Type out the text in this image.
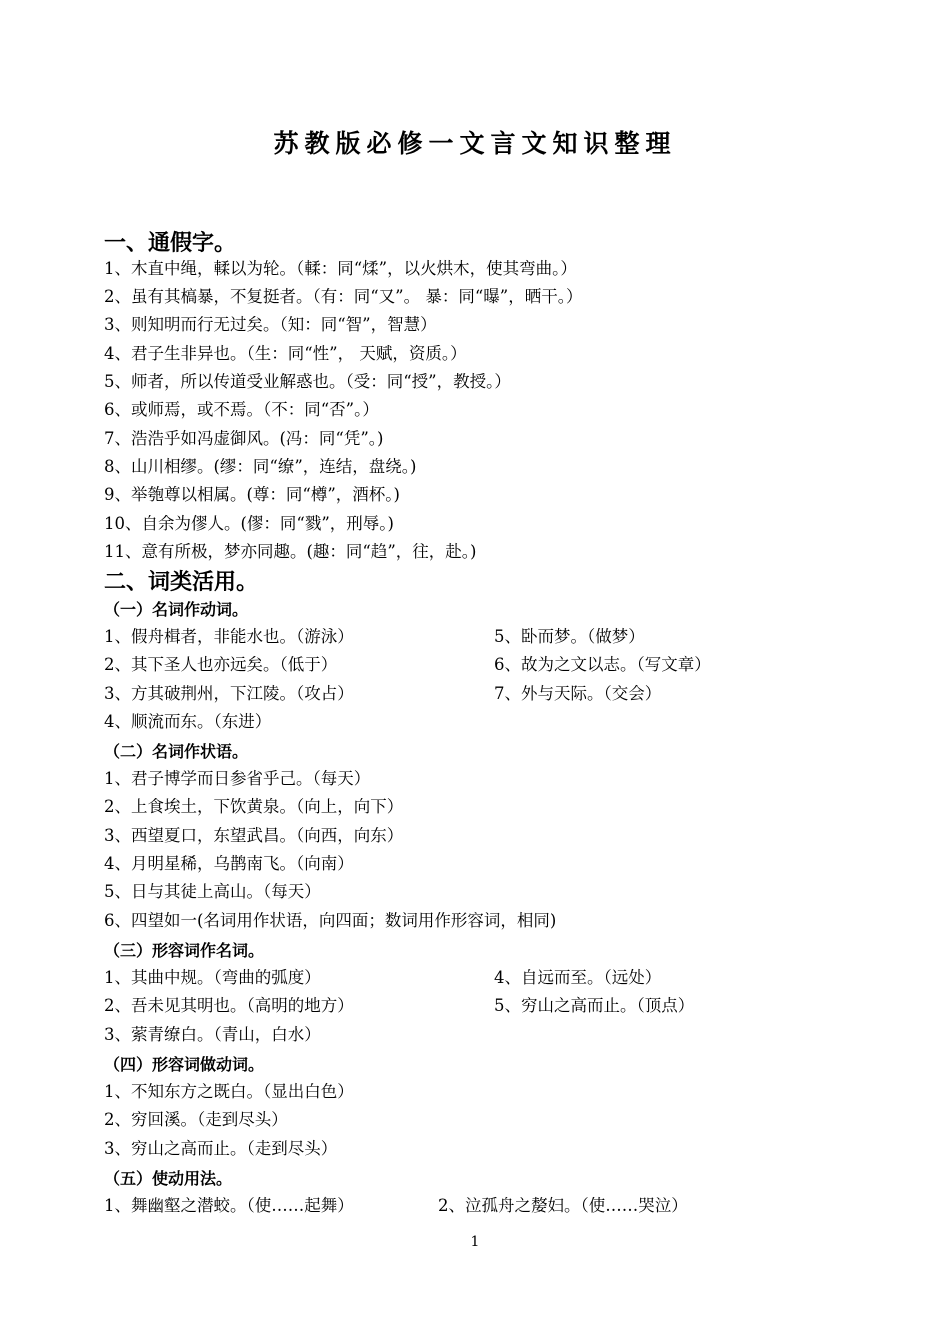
苏教版必修一文言文知识整理
一、通假字。
1、木直中绳，輮以为轮。（輮：同“煣”，以火烘木，使其弯曲。）
2、虽有其槁暴，不复挺者。（有：同“又”。 暴：同“曝”，晒干。）
3、则知明而行无过矣。（知：同“智”，智慧）
4、君子生非异也。（生：同“性”， 天赋，资质。）
5、师者，所以传道受业解惑也。（受：同“授”，教授。）
6、或师焉，或不焉。（不：同“否”。）
7、浩浩乎如冯虚御风。(冯：同“凭”。)
8、山川相缪。(缪：同“缭”，连结，盘绕。)
9、举匏尊以相属。(尊：同“樽”，酒杯。)
10、自余为僇人。(僇：同“戮”，刑辱。)
11、意有所极，梦亦同趣。(趣：同“趋”，往，赴。)
二、词类活用。
（一）名词作动词。
1、假舟楫者，非能水也。（游泳）	5、卧而梦。（做梦）
2、其下圣人也亦远矣。（低于）	6、故为之文以志。（写文章）
3、方其破荆州，下江陵。（攻占）	7、外与天际。（交会）
4、顺流而东。（东进）
（二）名词作状语。
1、君子博学而日参省乎己。（每天）
2、上食埃土，下饮黄泉。（向上，向下）
3、西望夏口，东望武昌。（向西，向东）
4、月明星稀，乌鹊南飞。（向南）
5、日与其徒上高山。（每天）
6、四望如一(名词用作状语，向四面；数词用作形容词，相同)
（三）形容词作名词。
1、其曲中规。（弯曲的弧度）	4、自远而至。（远处）
2、吾未见其明也。（高明的地方）	5、穷山之高而止。（顶点）
3、萦青缭白。（青山，白水）
（四）形容词做动词。
1、不知东方之既白。（显出白色）
2、穷回溪。（走到尽头）
3、穷山之高而止。（走到尽头）
（五）使动用法。
1、舞幽壑之潜蛟。（使……起舞）	2、泣孤舟之嫠妇。（使……哭泣）
1
